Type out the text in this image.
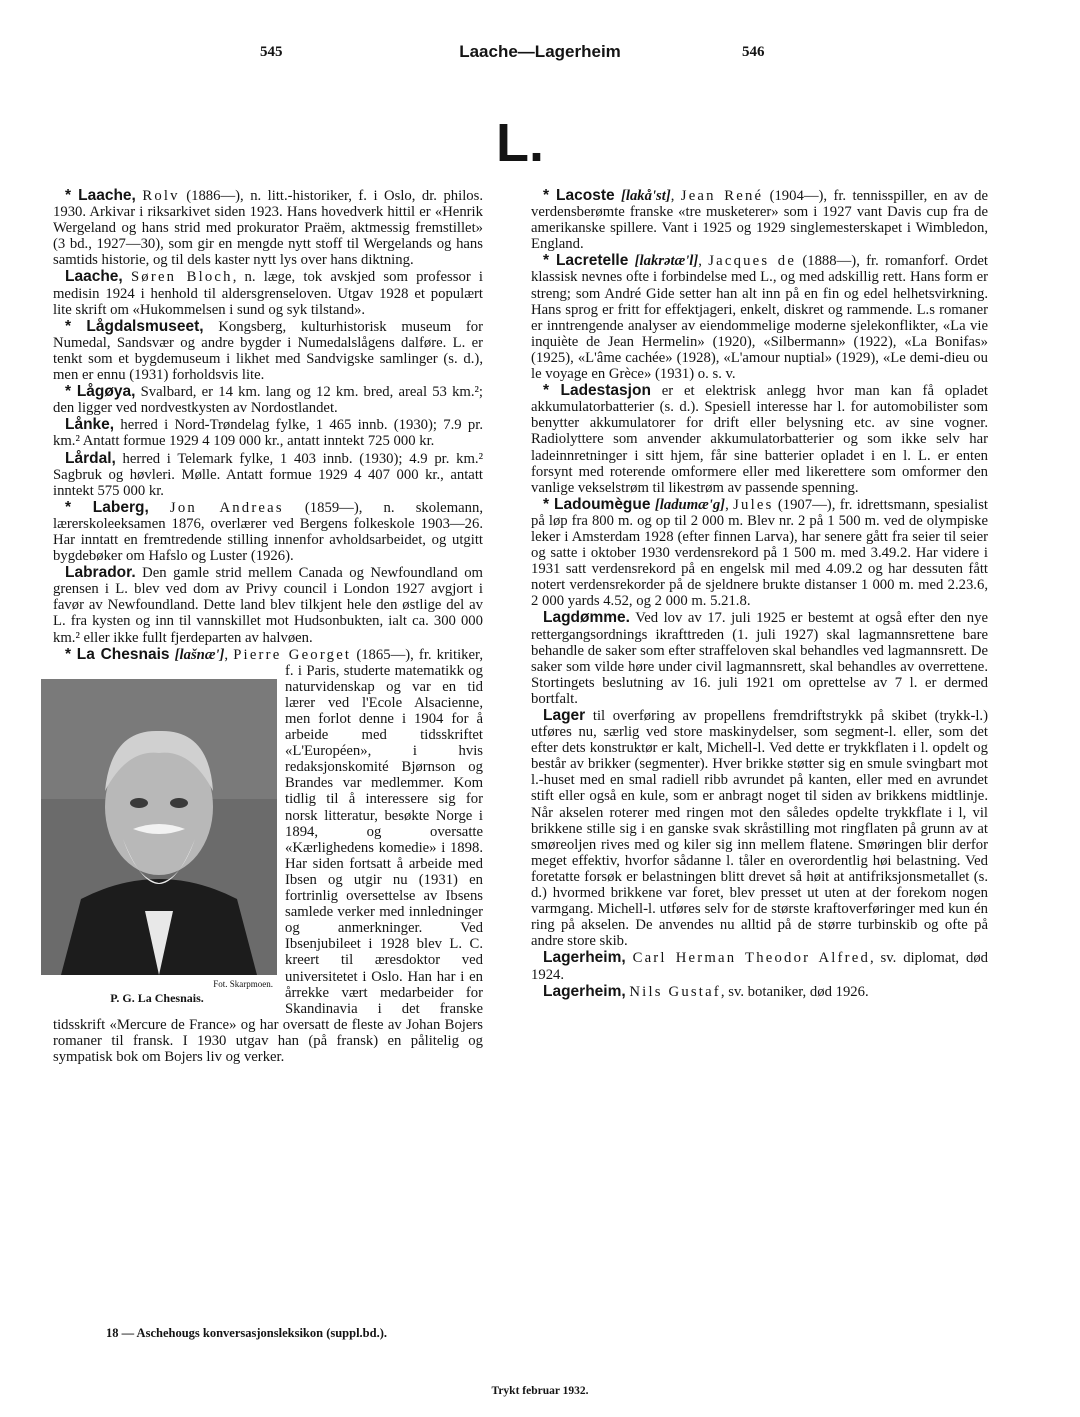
545	Laache—Lagerheim	546
L.

* Laache, Rolv (1886—), n. litt.-historiker, f. i Oslo, dr. philos. 1930. Arkivar i riksarkivet siden 1923. Hans hovedverk hittil er «Henrik Wergeland og hans strid med prokurator Praëm, aktmessig fremstillet» (3 bd., 1927—30), som gir en mengde nytt stoff til Wergelands og hans samtids historie, og til dels kaster nytt lys over hans diktning.

Laache, Søren Bloch, n. læge, tok avskjed som professor i medisin 1924 i henhold til aldersgrenseloven. Utgav 1928 et populært lite skrift om «Hukommelsen i sund og syk tilstand».

* Lågdalsmuseet, Kongsberg, kulturhistorisk museum for Numedal, Sandsvær og andre bygder i Numedalslågens dalføre. L. er tenkt som et bygdemuseum i likhet med Sandvigske samlinger (s. d.), men er ennu (1931) forholdsvis lite.

* Lågøya, Svalbard, er 14 km. lang og 12 km. bred, areal 53 km.²; den ligger ved nordvestkysten av Nordostlandet.

Lånke, herred i Nord-Trøndelag fylke, 1 465 innb. (1930); 7.9 pr. km.² Antatt formue 1929 4 109 000 kr., antatt inntekt 725 000 kr.

Lårdal, herred i Telemark fylke, 1 403 innb. (1930); 4.9 pr. km.² Sagbruk og høvleri. Mølle. Antatt formue 1929 4 407 000 kr., antatt inntekt 575 000 kr.

* Laberg, Jon Andreas (1859—), n. skolemann, lærerskoleeksamen 1876, overlærer ved Bergens folkeskole 1903—26. Har inntatt en fremtredende stilling innenfor avholdsarbeidet, og utgitt bygdebøker om Hafslo og Luster (1926).

Labrador. Den gamle strid mellem Canada og Newfoundland om grensen i L. blev ved dom av Privy council i London 1927 avgjort i favør av Newfoundland. Dette land blev tilkjent hele den østlige del av L. fra kysten og inn til vannskillet mot Hudsonbukten, ialt ca. 300 000 km.² eller ikke fullt fjerdeparten av halvøen.

* La Chesnais [lašnæ'], Pierre Georget
Fot. Skarpmoen.
P. G. La Chesnais.
(1865—), fr. kritiker, f. i Paris, studerte matematikk og naturvidenskap og var en tid lærer ved l'Ecole Alsacienne, men forlot denne i 1904 for å arbeide med tidsskriftet «L'Européen», i hvis redaksjonskomité Bjørnson og Brandes var medlemmer. Kom tidlig til å interessere sig for norsk litteratur, besøkte Norge i 1894, og oversatte «Kærlighedens komedie» i 1898. Har siden fortsatt å arbeide med Ibsen og utgir nu (1931) en fortrinlig oversettelse av Ibsens samlede verker med innledninger og anmerkninger. Ved Ibsenjubileet i 1928 blev L. C. kreert til æresdoktor ved universitetet i Oslo. Han har i en årrekke vært medarbeider for Skandinavia i det franske tidsskrift «Mercure de France» og har oversatt de fleste av Johan Bojers romaner til fransk. I 1930 utgav han (på fransk) en pålitelig og sympatisk bok om Bojers liv og verker.

* Lacoste [lakå'st], Jean René (1904—), fr. tennisspiller, en av de verdensberømte franske «tre musketerer» som i 1927 vant Davis cup fra de amerikanske spillere. Vant i 1925 og 1929 singlemesterskapet i Wimbledon, England.

* Lacretelle [lakrətæ'l], Jacques de (1888—), fr. romanforf. Ordet klassisk nevnes ofte i forbindelse med L., og med adskillig rett. Hans form er streng; som André Gide setter han alt inn på en fin og edel helhetsvirkning. Hans sprog er fritt for effektjageri, enkelt, diskret og rammende. L.s romaner er inntrengende analyser av eiendommelige moderne sjelekonflikter, «La vie inquiète de Jean Hermelin» (1920), «Silbermann» (1922), «La Bonifas» (1925), «L'âme cachée» (1928), «L'amour nuptial» (1929), «Le demi-dieu ou le voyage en Grèce» (1931) o. s. v.

* Ladestasjon er et elektrisk anlegg hvor man kan få opladet akkumulatorbatterier (s. d.). Spesiell interesse har l. for automobilister som benytter akkumulatorer for drift eller belysning etc. av sine vogner. Radiolyttere som anvender akkumulatorbatterier og som ikke selv har ladeinnretninger i sitt hjem, får sine batterier opladet i en l. L. er enten forsynt med roterende omformere eller med likerettere som omformer den vanlige vekselstrøm til likestrøm av passende spenning.

* Ladoumègue [ladumæ'g], Jules (1907—), fr. idrettsmann, spesialist på løp fra 800 m. og op til 2 000 m. Blev nr. 2 på 1 500 m. ved de olympiske leker i Amsterdam 1928 (efter finnen Larva), har senere gått fra seier til seier og satte i oktober 1930 verdensrekord på 1 500 m. med 3.49.2. Har videre i 1931 satt verdensrekord på en engelsk mil med 4.09.2 og har dessuten fått notert verdensrekorder på de sjeldnere brukte distanser 1 000 m. med 2.23.6, 2 000 yards 4.52, og 2 000 m. 5.21.8.

Lagdømme. Ved lov av 17. juli 1925 er bestemt at også efter den nye rettergangsordnings ikrafttreden (1. juli 1927) skal lagmannsrettene bare behandle de saker som efter straffeloven skal behandles ved lagmannsrett. De saker som vilde høre under civil lagmannsrett, skal behandles av overrettene. Stortingets beslutning av 16. juli 1921 om oprettelse av 7 l. er dermed bortfalt.

Lager til overføring av propellens fremdriftstrykk på skibet (trykk-l.) utføres nu, særlig ved store maskinydelser, som segment-l. eller, som det efter dets konstruktør er kalt, Michell-l. Ved dette er trykkflaten i l. opdelt og består av brikker (segmenter). Hver brikke støtter sig en smule svingbart mot l.-huset med en smal radiell ribb avrundet på kanten, eller med en avrundet stift eller også en kule, som er anbragt noget til siden av brikkens midtlinje. Når akselen roterer med ringen mot den således opdelte trykkflate i l, vil brikkene stille sig i en ganske svak skråstilling mot ringflaten på grunn av at smøreoljen rives med og kiler sig inn mellem flatene. Smøringen blir derfor meget effektiv, hvorfor sådanne l. tåler en overordentlig høi belastning. Ved foretatte forsøk er belastningen blitt drevet så høit at antifriksjonsmetallet (s. d.) hvormed brikkene var foret, blev presset ut uten at der forekom nogen varmgang. Michell-l. utføres selv for de største kraftoverføringer med kun én ring på akselen. De anvendes nu alltid på de større turbinskib og ofte på andre store skib.

Lagerheim, Carl Herman Theodor Alfred, sv. diplomat, død 1924.

Lagerheim, Nils Gustaf, sv. botaniker, død 1926.

18 — Aschehougs konversasjonsleksikon (suppl.bd.).
Trykt februar 1932.
